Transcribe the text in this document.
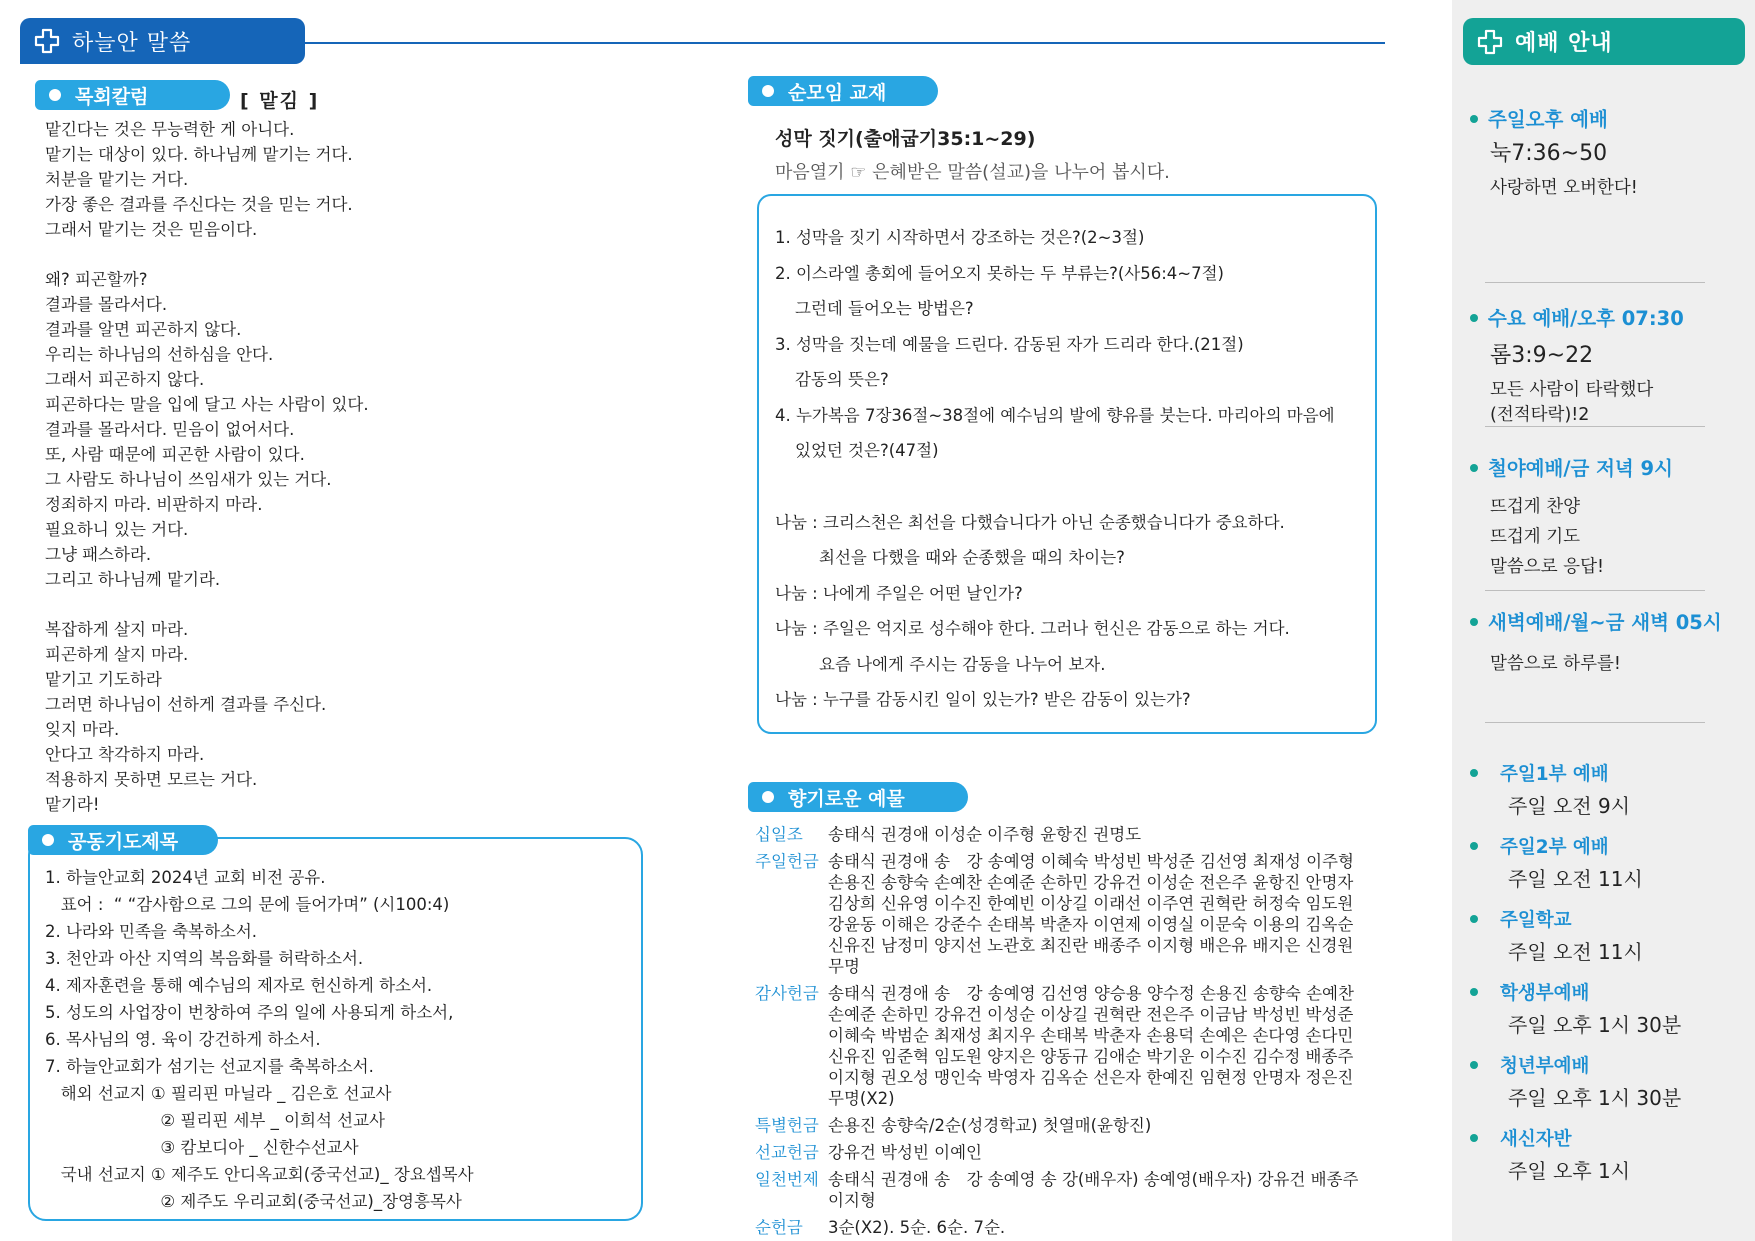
하늘안 말씀
목회칼럼	[ 맡김 ]
맡긴다는 것은 무능력한 게 아니다.
맡기는 대상이 있다. 하나님께 맡기는 거다.
처분을 맡기는 거다.
가장 좋은 결과를 주신다는 것을 믿는 거다.
그래서 맡기는 것은 믿음이다.
왜? 피곤할까?
결과를 몰라서다.
결과를 알면 피곤하지 않다.
우리는 하나님의 선하심을 안다.
그래서 피곤하지 않다.
피곤하다는 말을 입에 달고 사는 사람이 있다.
결과를 몰라서다. 믿음이 없어서다.
또, 사람 때문에 피곤한 사람이 있다.
그 사람도 하나님이 쓰임새가 있는 거다.
정죄하지 마라. 비판하지 마라.
필요하니 있는 거다.
그냥 패스하라.
그리고 하나님께 맡기라.
복잡하게 살지 마라.
피곤하게 살지 마라.
맡기고 기도하라
그러면 하나님이 선하게 결과를 주신다.
잊지 마라.
안다고 착각하지 마라.
적용하지 못하면 모르는 거다.
맡기라!
공동기도제목
1. 하늘안교회 2024년 교회 비전 공유.
표어 :  “ “감사함으로 그의 문에 들어가며” (시100:4)
2. 나라와 민족을 축복하소서.
3. 천안과 아산 지역의 복음화를 허락하소서.
4. 제자훈련을 통해 예수님의 제자로 헌신하게 하소서.
5. 성도의 사업장이 번창하여 주의 일에 사용되게 하소서,
6. 목사님의 영. 육이 강건하게 하소서.
7. 하늘안교회가 섬기는 선교지를 축복하소서.
해외 선교지 ① 필리핀 마닐라 _ 김은호 선교사
② 필리핀 세부 _ 이희석 선교사
③ 캄보디아 _ 신한수선교사
국내 선교지 ① 제주도 안디옥교회(중국선교)_ 장요셉목사
② 제주도 우리교회(중국선교)_장영흥목사
순모임 교재
성막 짓기(출애굽기35:1~29)
마음열기 ☞ 은혜받은 말씀(설교)을 나누어 봅시다.
1. 성막을 짓기 시작하면서 강조하는 것은?(2~3절)
2. 이스라엘 총회에 들어오지 못하는 두 부류는?(사56:4~7절)
그런데 들어오는 방법은?
3. 성막을 짓는데 예물을 드린다. 감동된 자가 드리라 한다.(21절)
감동의 뜻은?
4. 누가복음 7장36절~38절에 예수님의 발에 향유를 붓는다. 마리아의 마음에
있었던 것은?(47절)
나눔 : 크리스천은 최선을 다했습니다가 아닌 순종했습니다가 중요하다.
최선을 다했을 때와 순종했을 때의 차이는?
나눔 : 나에게 주일은 어떤 날인가?
나눔 : 주일은 억지로 성수해야 한다. 그러나 헌신은 감동으로 하는 거다.
요즘 나에게 주시는 감동을 나누어 보자.
나눔 : 누구를 감동시킨 일이 있는가? 받은 감동이 있는가?
향기로운 예물
십일조	송태식 권경애 이성순 이주형 윤항진 권명도
주일헌금 송태식 권경애 송　강 송예영 이혜숙 박성빈 박성준 김선영 최재성 이주형 손용진 송향숙 손예찬 손예준 손하민 강유건 이성순 전은주 윤항진 안명자 김상희 신유영 이수진 한예빈 이상길 이래선 이주연 권혁란 허정숙 임도원 강윤동 이해은 강준수 손태복 박춘자 이연제 이영실 이문숙 이용의 김옥순 신유진 남정미 양지선 노관호 최진란 배종주 이지형 배은유 배지은 신경원 무명
감사헌금 송태식 권경애 송　강 송예영 김선영 양승용 양수정 손용진 송향숙 손예찬 손예준 손하민 강유건 이성순 이상길 권혁란 전은주 이금남 박성빈 박성준 이혜숙 박범순 최재성 최지우 손태복 박춘자 손용덕 손예은 손다영 손다민 신유진 임준혁 임도원 양지은 양동규 김애순 박기운 이수진 김수정 배종주 이지형 권오성 맹인숙 박영자 김옥순 선은자 한예진 임현정 안명자 정은진 무명(X2)
특별헌금 손용진 송향숙/2순(성경학교) 첫열매(윤항진)
선교헌금 강유건 박성빈 이예인
일천번제 송태식 권경애 송　강 송예영 송 강(배우자) 송예영(배우자) 강유건 배종주 이지형
순헌금	3순(X2). 5순. 6순. 7순.
예배 안내
주일오후 예배
눅7:36~50
사랑하면 오버한다!
수요 예배/오후 07:30
롬3:9~22
모든 사람이 타락했다
(전적타락)!2
철야예배/금 저녁 9시
뜨겁게 찬양
뜨겁게 기도
말씀으로 응답!
새벽예배/월~금 새벽 05시
말씀으로 하루를!
주일1부 예배
주일 오전 9시
주일2부 예배
주일 오전 11시
주일학교
주일 오전 11시
학생부예배
주일 오후 1시 30분
청년부예배
주일 오후 1시 30분
새신자반
주일 오후 1시
